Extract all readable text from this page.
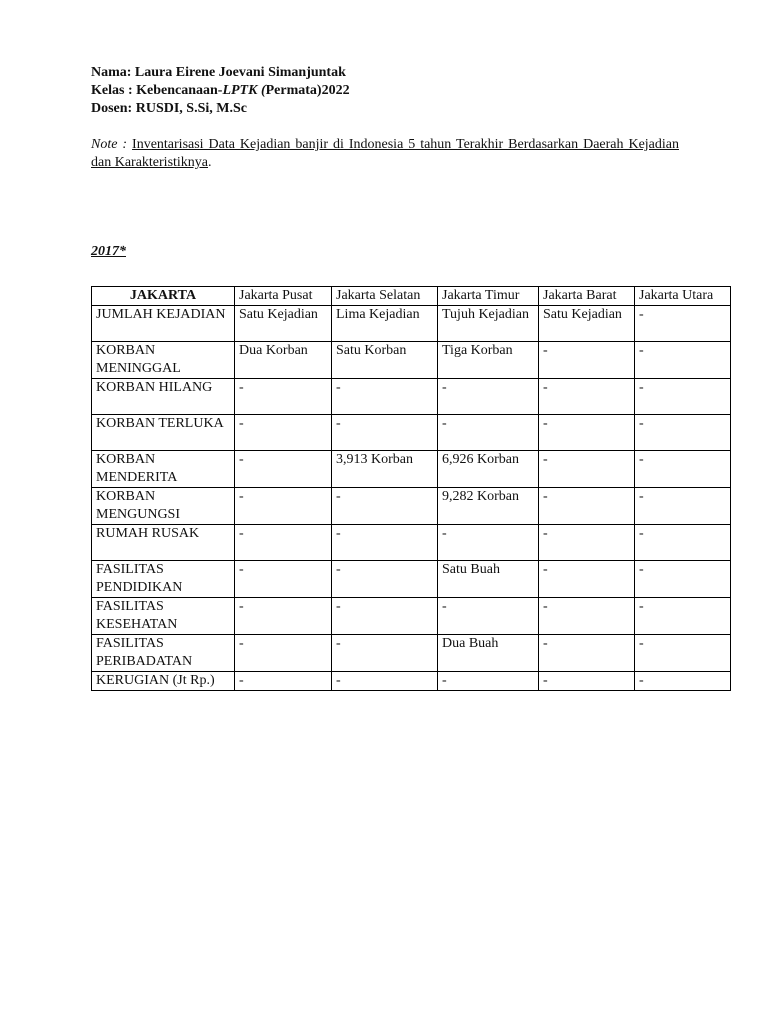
Nama: Laura Eirene Joevani Simanjuntak
Kelas : Kebencanaan-LPTK (Permata)2022
Dosen: RUSDI, S.Si, M.Sc
Note : Inventarisasi Data Kejadian banjir di Indonesia 5 tahun Terakhir Berdasarkan Daerah Kejadian dan Karakteristiknya.
2017*
JAKARTA	Jakarta Pusat	Jakarta Selatan	Jakarta Timur	Jakarta Barat	Jakarta Utara
JUMLAH KEJADIAN	Satu Kejadian	Lima Kejadian	Tujuh Kejadian	Satu Kejadian	-
KORBAN MENINGGAL	Dua Korban	Satu Korban	Tiga Korban	-	-
KORBAN HILANG	-	-	-	-	-
KORBAN TERLUKA	-	-	-	-	-
KORBAN MENDERITA	-	3,913 Korban	6,926 Korban	-	-
KORBAN MENGUNGSI	-	-	9,282 Korban	-	-
RUMAH RUSAK	-	-	-	-	-
FASILITAS PENDIDIKAN	-	-	Satu Buah	-	-
FASILITAS KESEHATAN	-	-	-	-	-
FASILITAS PERIBADATAN	-	-	Dua Buah	-	-
KERUGIAN (Jt Rp.)	-	-	-	-	-
